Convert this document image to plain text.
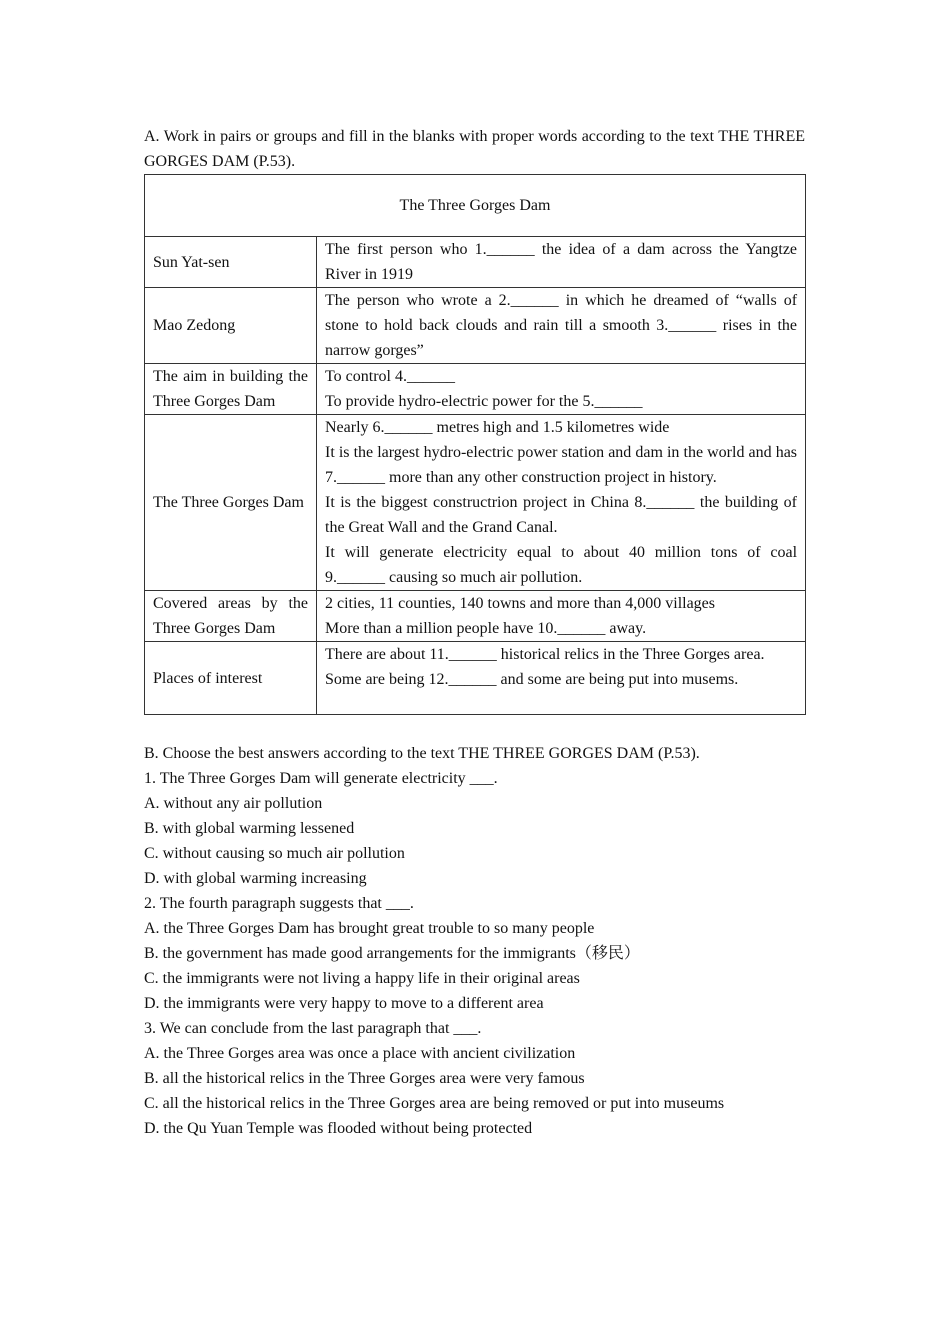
A. Work in pairs or groups and fill in the blanks with proper words according to the text THE THREE GORGES DAM (P.53).

The Three Gorges Dam	
Sun Yat-sen	The first person who 1.______ the idea of a dam across the Yangtze River in 1919

Mao Zedong	The person who wrote a 2.______ in which he dreamed of “walls of stone to hold back clouds and rain till a smooth 3.______ rises in the narrow gorges”

The aim in building the Three Gorges Dam	To control 4.______
To provide hydro-electric power for the 5.______

The Three Gorges Dam	Nearly 6.______ metres high and 1.5 kilometres wide
It is the largest hydro-electric power station and dam in the world and has 7.______ more than any other construction project in history.
It is the biggest constructrion project in China 8.______ the building of the Great Wall and the Grand Canal.
It will generate electricity equal to about 40 million tons of coal 9.______ causing so much air pollution.

Covered areas by the Three Gorges Dam	2 cities, 11 counties, 140 towns and more than 4,000 villages
More than a million people have 10.______ away.

Places of interest	There are about 11.______ historical relics in the Three Gorges area.
Some are being 12.______ and some are being put into musems.
B. Choose the best answers according to the text THE THREE GORGES DAM (P.53).
1. The Three Gorges Dam will generate electricity ___.
A. without any air pollution
B. with global warming lessened
C. without causing so much air pollution
D. with global warming increasing
2. The fourth paragraph suggests that ___.
A. the Three Gorges Dam has brought great trouble to so many people
B. the government has made good arrangements for the immigrants（移民）
C. the immigrants were not living a happy life in their original areas
D. the immigrants were very happy to move to a different area
3. We can conclude from the last paragraph that ___.
A. the Three Gorges area was once a place with ancient civilization
B. all the historical relics in the Three Gorges area were very famous
C. all the historical relics in the Three Gorges area are being removed or put into museums
D. the Qu Yuan Temple was flooded without being protected
